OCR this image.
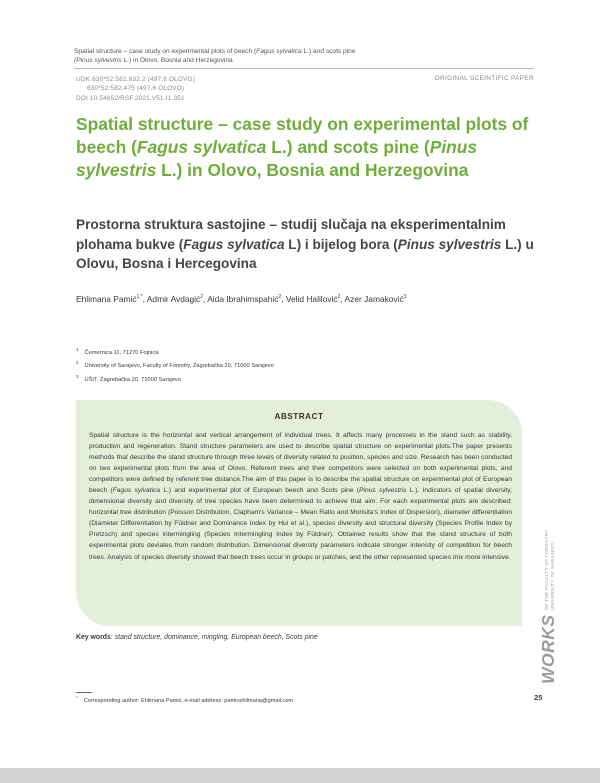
Spatial structure – case study on experimental plots of beech (Fagus sylvatica L.) and scots pine
(Pinus sylvestris L.) in Olovo, Bosnia and Herzegovina
UDK 630*52:582.632.2 (497.6 OLOVO)
630*52:582.475 (497.6 OLOVO)
DOI 10.54652/RSF.2021.V51.I1.351
ORIGINAL SCEINTIFIC PAPER
Spatial structure – case study on experimental plots of beech (Fagus sylvatica L.) and scots pine (Pinus sylvestris L.) in Olovo, Bosnia and Herzegovina
Prostorna struktura sastojine – studij slučaja na eksperimentalnim plohama bukve (Fagus sylvatica L) i bijelog bora (Pinus sylvestris L.) u Olovu, Bosna i Hercegovina
Ehlimana Pamić$^{1,*}$, Admir Avdagić$^2$, Aida Ibrahimspahić$^2$, Velid Halilović$^2$, Azer Jamaković$^3$
$^1$Čemernica 11, 71270 Fojnica
$^2$University of Sarajevo, Faculty of Forestry, Zagrebačka 20, 71000 Sarajevo
$^3$UŠIT, Zagrebačka 20, 71000 Sarajevo
ABSTRACT

Spatial structure is the horizontal and vertical arrangement of individual trees. It affects many processes in the stand such as stability, production and regeneration. Stand structure parameters are used to describe spatial structure on experimental plots.The paper presents methods that describe the stand structure through three levels of diversity related to position, species and size. Research has been conducted on two experimental plots from the area of Olovo. Referent trees and their competitors were selected on both experimental plots, and competitors were defined by referent tree distance.The aim of this paper is to describe the spatial structure on experimental plot of European beech (Fagus sylvatica L.) and experimental plot of European beech and Scots pine (Pinus sylvestris L.). Indicators of spatial diversity, dimensional diversity and diversity of tree species have been determined to achieve that aim. For each experimental plots are described: horizontal tree distribution (Poisson Distribution, Clapham's Variance – Mean Ratio and Morisita's Index of Dispersion), diameter differentiation (Diameter Differentiation by Füldner and Dominance Index by Hui et al.), species diversity and structural diversity (Species Profile Index by Pretzsch) and species intermingling (Species Intermingling Index by Füldner). Obtained results show that the stand structure of both experimental plots deviates from random distribution. Dimensional diversity parameters indicate stronger intensity of competition for beech trees. Analysis of species diversity showed that beech trees occur in groups or patches, and the other represented species mix more intensive.

Key words: stand structure, dominance, mingling, European beech, Scots pine
*Corresponding author: Ehlimana Pamić, e-mail address: pamicehlimana@gmail.com
WORKS
OF THE FACULTY OF FORESTRY
UNIVERSITY OF SARAJEVO
25
